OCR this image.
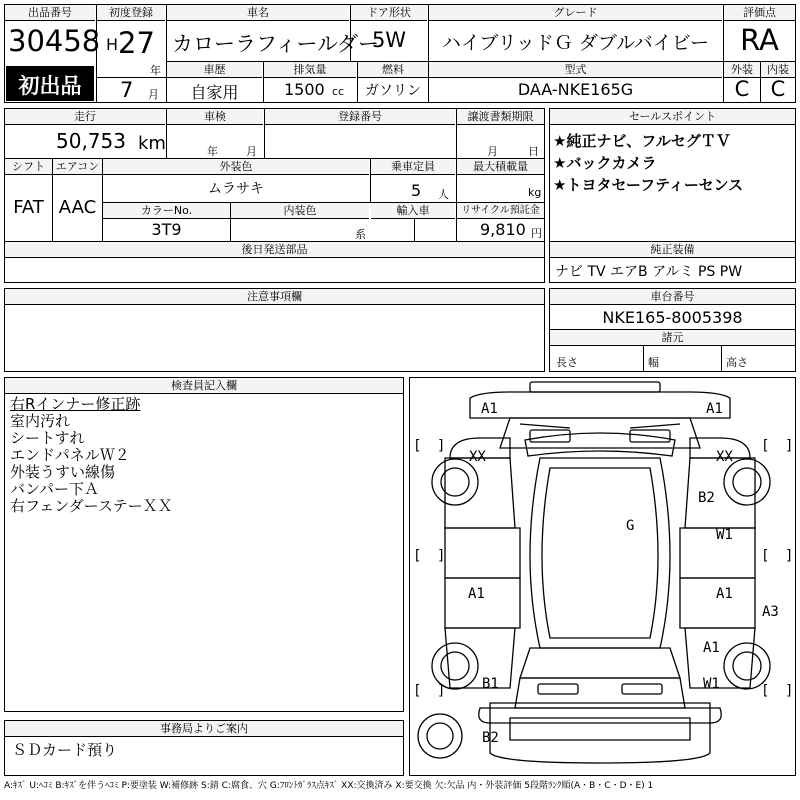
出品番号
30458
初出品
初度登録
H 27
年
7 月
車名
カローラフィールダー
ドア形状
5W
グレード
ハイブリッドＧ ダブルバイビー
評価点
RA
車歴
自家用
排気量
1500 cc
燃料
ガソリン
型式
DAA-NKE165G
外装	内装
C	C
走行
50,753 km
車検
年	月
登録番号	譲渡書類期限
月	日
シフト
FAT
エアコン
AAC
外装色
ムラサキ
乗車定員
5 人
最大積載量
kg
カラーNo.
3T9
内装色
系
輸入車	リサイクル預託金
9,810 円
後日発送部品
セールスポイント
★純正ナビ、フルセグＴＶ
★バックカメラ
★トヨタセーフティーセンス
純正装備
ナビ TV エアB アルミ PS PW
注意事項欄	車台番号
NKE165-8005398
諸元
長さ	幅	高さ
検査員記入欄
右Rインナー修正跡
室内汚れ
シートすれ
エンドパネルＷ２
外装うすい線傷
バンパー下Ａ
右フェンダーステーＸＸ
事務局よりご案内
ＳＤカード預り
A1	A1
XX	XX
B2
G
W1
A1	A1
A3
A1
B1	W1
B2
[ ]	[ ]
[ ]	[ ]
[ ]	[ ]
A:ｷｽﾞ U:ﾍｺﾐ B:ｷｽﾞを伴うﾍｺﾐ P:要塗装 W:補修跡 S:錆 C:腐食、穴 G:ﾌﾛﾝﾄｶﾞﾗｽ点ｷｽﾞ XX:交換済み X:要交換 欠:欠品 内・外装評価 5段階ﾗﾝｸ順(A・B・C・D・E) 1
